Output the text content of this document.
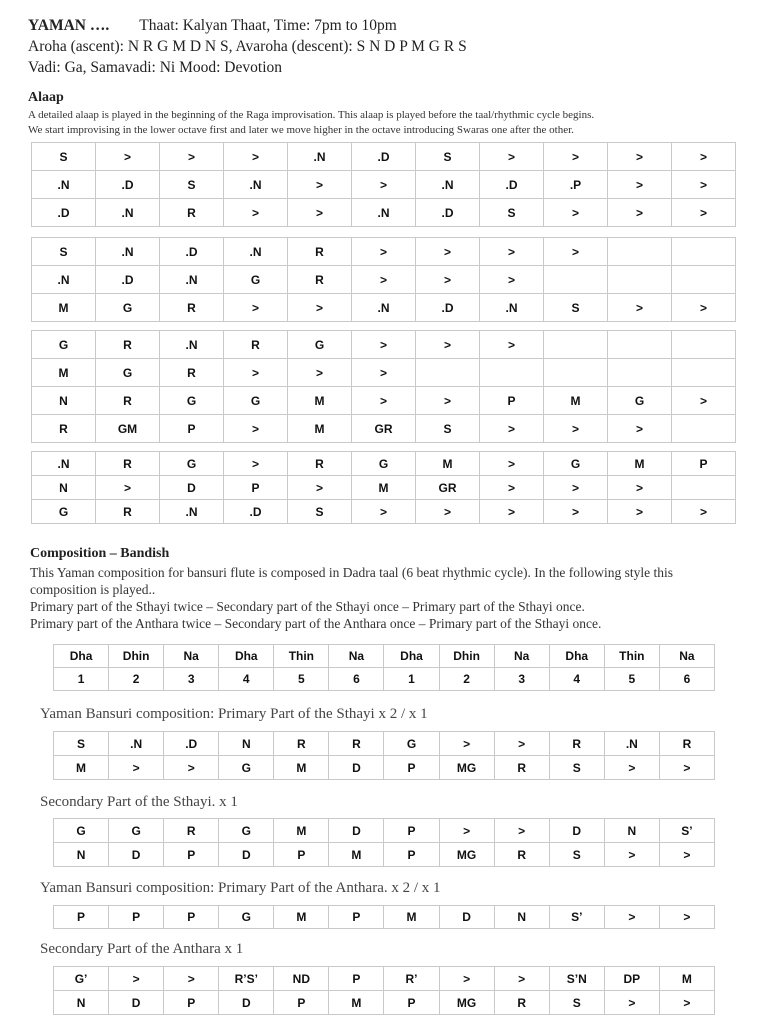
YAMAN …. Thaat: Kalyan Thaat, Time: 7pm to 10pm
Aroha (ascent): N R G M D N S, Avaroha (descent): S N D P M G R S
Vadi: Ga, Samavadi: Ni Mood: Devotion
Alaap
A detailed alaap is played in the beginning of the Raga improvisation. This alaap is played before the taal/rhythmic cycle begins.
We start improvising in the lower octave first and later we move higher in the octave introducing Swaras one after the other.
S	>	>	>	.N	.D	S	>	>	>	>
.N	.D	S	.N	>	>	.N	.D	.P	>	>
.D	.N	R	>	>	.N	.D	S	>	>	>
S	.N	.D	.N	R	>	>	>	>		
.N	.D	.N	G	R	>	>	>			
M	G	R	>	>	.N	.D	.N	S	>	>
G	R	.N	R	G	>	>	>			
M	G	R	>	>	>					
N	R	G	G	M	>	>	P	M	G	>
R	GM	P	>	M	GR	S	>	>	>	
.N	R	G	>	R	G	M	>	G	M	P
N	>	D	P	>	M	GR	>	>	>	
G	R	.N	.D	S	>	>	>	>	>	>
Composition – Bandish
This Yaman composition for bansuri flute is composed in Dadra taal (6 beat rhythmic cycle). In the following style this
composition is played..
Primary part of the Sthayi twice – Secondary part of the Sthayi once – Primary part of the Sthayi once.
Primary part of the Anthara twice – Secondary part of the Anthara once – Primary part of the Sthayi once.
Dha	Dhin	Na	Dha	Thin	Na	Dha	Dhin	Na	Dha	Thin	Na
1	2	3	4	5	6	1	2	3	4	5	6
Yaman Bansuri composition: Primary Part of the Sthayi x 2 / x 1
S	.N	.D	N	R	R	G	>	>	R	.N	R
M	>	>	G	M	D	P	MG	R	S	>	>
Secondary Part of the Sthayi. x 1
G	G	R	G	M	D	P	>	>	D	N	S’
N	D	P	D	P	M	P	MG	R	S	>	>
Yaman Bansuri composition: Primary Part of the Anthara. x 2 / x 1
P	P	P	G	M	P	M	D	N	S’	>	>
Secondary Part of the Anthara x 1
G’	>	>	R’S’	ND	P	R’	>	>	S’N	DP	M
N	D	P	D	P	M	P	MG	R	S	>	>
